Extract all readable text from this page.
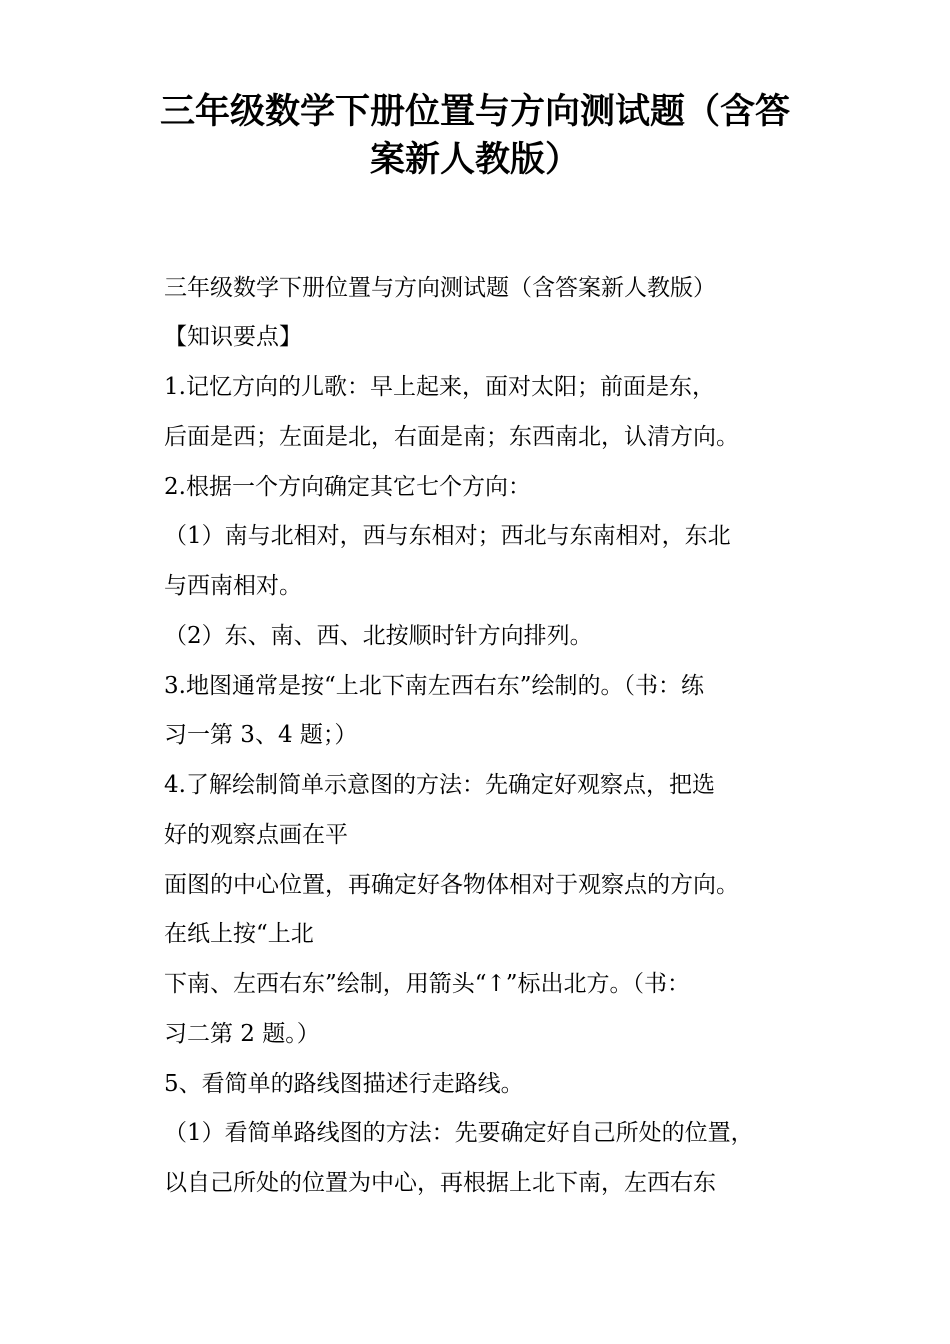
三年级数学下册位置与方向测试题（含答
案新人教版）

三年级数学下册位置与方向测试题（含答案新人教版）

【知识要点】

1.记忆方向的儿歌：早上起来，面对太阳；前面是东，

后面是西；左面是北，右面是南；东西南北，认清方向。

2.根据一个方向确定其它七个方向：

（1）南与北相对，西与东相对；西北与东南相对，东北

与西南相对。

（2）东、南、西、北按顺时针方向排列。

3.地图通常是按“上北下南左西右东”绘制的。（书：练

习一第 3、4 题；）

4.了解绘制简单示意图的方法：先确定好观察点，把选

好的观察点画在平

面图的中心位置，再确定好各物体相对于观察点的方向。

在纸上按“上北

下南、左西右东”绘制，用箭头“↑”标出北方。（书：

习二第 2 题。）

5、看简单的路线图描述行走路线。

（1）看简单路线图的方法：先要确定好自己所处的位置，

以自己所处的位置为中心，再根据上北下南，左西右东
